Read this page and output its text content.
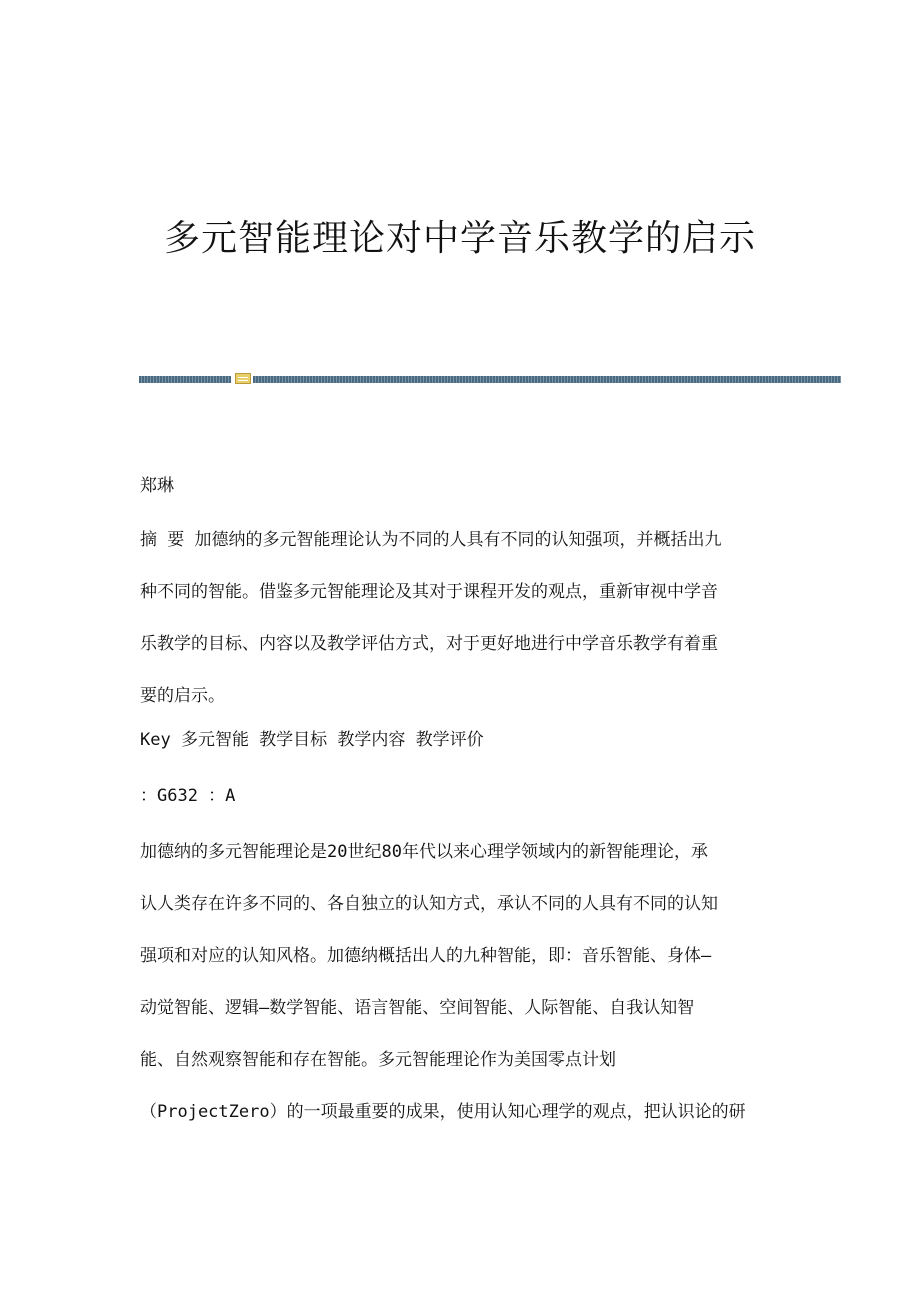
多元智能理论对中学音乐教学的启示

郑琳

摘 要 加德纳的多元智能理论认为不同的人具有不同的认知强项，并概括出九
种不同的智能。借鉴多元智能理论及其对于课程开发的观点，重新审视中学音
乐教学的目标、内容以及教学评估方式，对于更好地进行中学音乐教学有着重
要的启示。

Key 多元智能 教学目标 教学内容 教学评价

：G632 ：A

加德纳的多元智能理论是20世纪80年代以来心理学领域内的新智能理论，承
认人类存在许多不同的、各自独立的认知方式，承认不同的人具有不同的认知
强项和对应的认知风格。加德纳概括出人的九种智能，即：音乐智能、身体—
动觉智能、逻辑—数学智能、语言智能、空间智能、人际智能、自我认知智
能、自然观察智能和存在智能。多元智能理论作为美国零点计划
（ProjectZero）的一项最重要的成果，使用认知心理学的观点，把认识论的研
